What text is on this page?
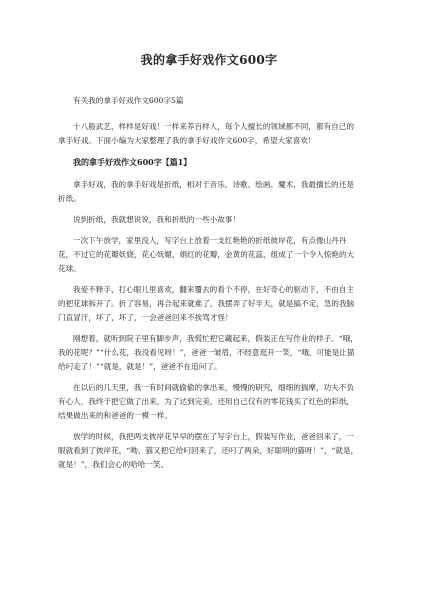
我的拿手好戏作文600字

有关我的拿手好戏作文600字5篇

十八般武艺，样样是好戏！一样来养百样人，每个人擅长的领域都不同，都有自己的拿手好戏。下面小编为大家整理了我的拿手好戏作文600字，希望大家喜欢！

我的拿手好戏作文600字【篇1】

拿手好戏，我的拿手好戏是折纸，相对于音乐、诗歌、绘画、魔术，我最擅长的还是折纸。

说到折纸，我就想说说，我和折纸的一些小故事！

一次下午放学，家里没人，写字台上放着一支红艳艳的折纸彼岸花，有点像山丹丹花，不过它的花瓣妖娆，花心妩媚，娟红的花瓣，金黄的花蕊，组成了一个令人惊艳的大花球。

我爱不释手，打心眼儿里喜欢，翻来覆去的看个不停，在好奇心的驱动下，不由自主的把花球拆开了。折了容易，再合起来就难了，我摆弄了好半天，就是搞不定，急的我脑门直冒汗，坏了，坏了，一会爸爸回来不挨骂才怪！

刚想着，就听到院子里有脚步声，我慌忙把它藏起来，假装正在写作业的样子。“哦，我的花呢？”“什么花，我没看见呀！”，爸爸一皱眉，不经意逛开一笑，“哦，可能是让猫给叼走了！”“就是，就是！”，爸爸不在追问了。

在以后的几天里，我一有时间就偷偷的拿出来，慢慢的研究，细细的揣摩，功夫不负有心人，我终于把它做了出来，为了达到完美，还用自己仅有的零花钱买了红色的彩纸，结果做出来的和爸爸的一模一样。

放学的时候，我把两支彼岸花早早的摆在了写字台上，假装写作业，爸爸回来了，一眼就看到了彼岸花，“呦，猫又把它给叼回来了，还叼了两朵，好聪明的猫呀！”，“就是，就是！”，我们会心的哈哈一笑。
